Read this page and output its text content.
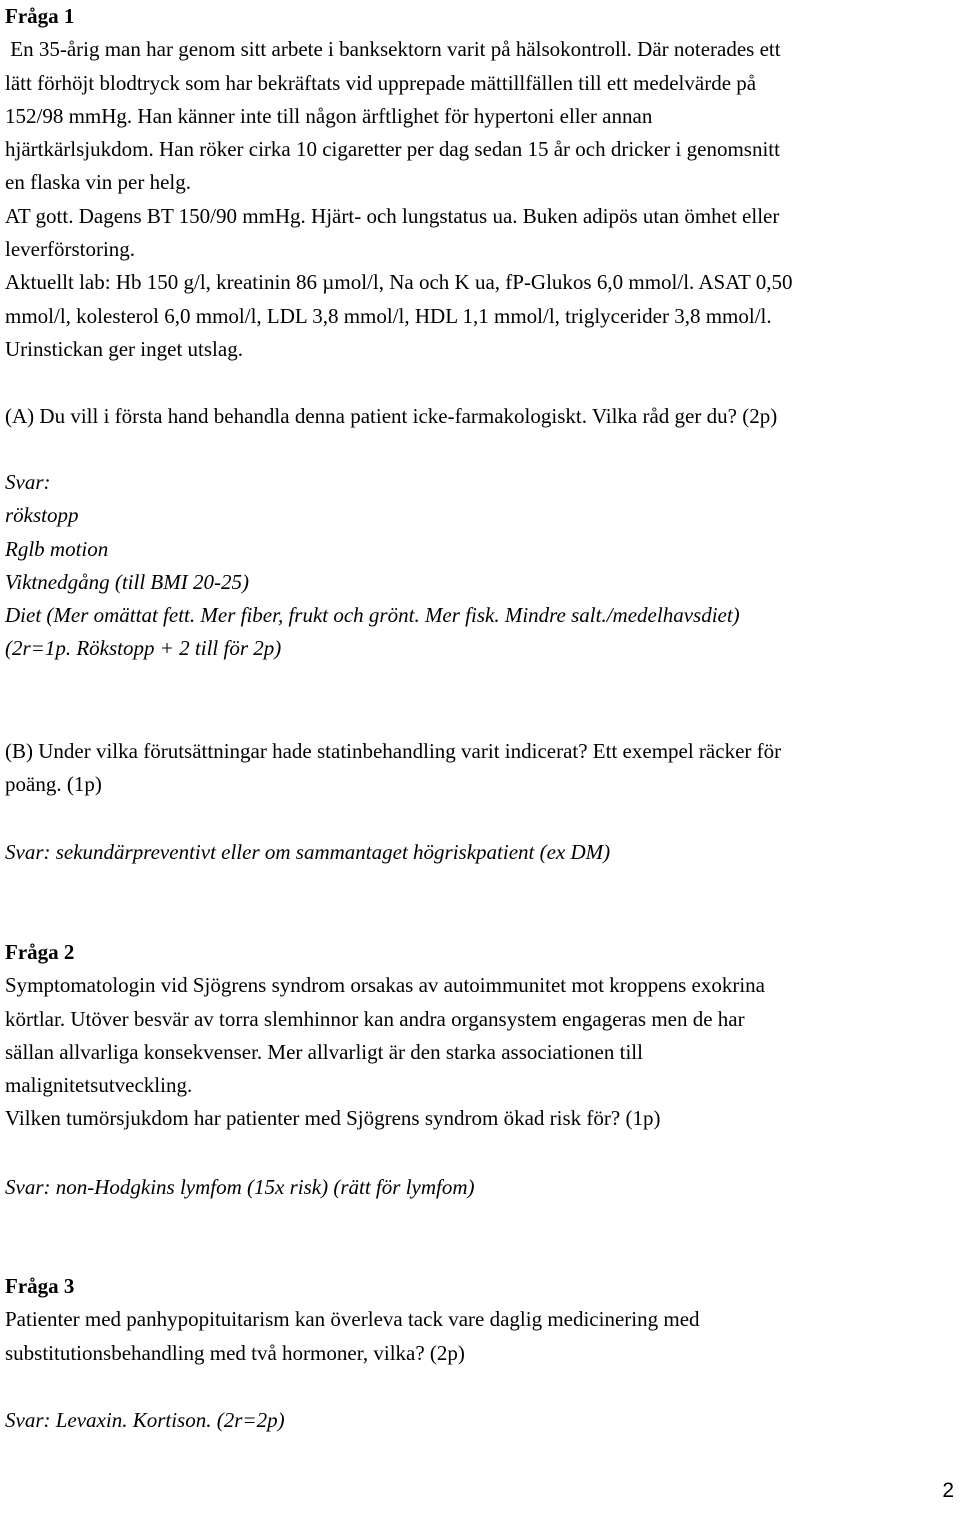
Fråga 1

En 35-årig man har genom sitt arbete i banksektorn varit på hälsokontroll. Där noterades ett
lätt förhöjt blodtryck som har bekräftats vid upprepade mättillfällen till ett medelvärde på
152/98 mmHg. Han känner inte till någon ärftlighet för hypertoni eller annan
hjärtkärlsjukdom. Han röker cirka 10 cigaretter per dag sedan 15 år och dricker i genomsnitt
en flaska vin per helg.

AT gott. Dagens BT 150/90 mmHg. Hjärt- och lungstatus ua. Buken adipös utan ömhet eller
leverförstoring.

Aktuellt lab: Hb 150 g/l, kreatinin 86 µmol/l, Na och K ua, fP-Glukos 6,0 mmol/l. ASAT 0,50
mmol/l, kolesterol 6,0 mmol/l, LDL 3,8 mmol/l, HDL 1,1 mmol/l, triglycerider 3,8 mmol/l.
Urinstickan ger inget utslag.

(A) Du vill i första hand behandla denna patient icke-farmakologiskt. Vilka råd ger du? (2p)

Svar:
rökstopp
Rglb motion
Viktnedgång (till BMI 20-25)
Diet (Mer omättat fett. Mer fiber, frukt och grönt. Mer fisk. Mindre salt./medelhavsdiet)
(2r=1p. Rökstopp + 2 till för 2p)

(B) Under vilka förutsättningar hade statinbehandling varit indicerat? Ett exempel räcker för
poäng. (1p)

Svar: sekundärpreventivt eller om sammantaget högriskpatient (ex DM)

Fråga 2

Symptomatologin vid Sjögrens syndrom orsakas av autoimmunitet mot kroppens exokrina
körtlar. Utöver besvär av torra slemhinnor kan andra organsystem engageras men de har
sällan allvarliga konsekvenser. Mer allvarligt är den starka associationen till
malignitetsutveckling.
Vilken tumörsjukdom har patienter med Sjögrens syndrom ökad risk för? (1p)

Svar: non-Hodgkins lymfom (15x risk) (rätt för lymfom)

Fråga 3

Patienter med panhypopituitarism kan överleva tack vare daglig medicinering med
substitutionsbehandling med två hormoner, vilka? (2p)

Svar: Levaxin. Kortison. (2r=2p)

2
